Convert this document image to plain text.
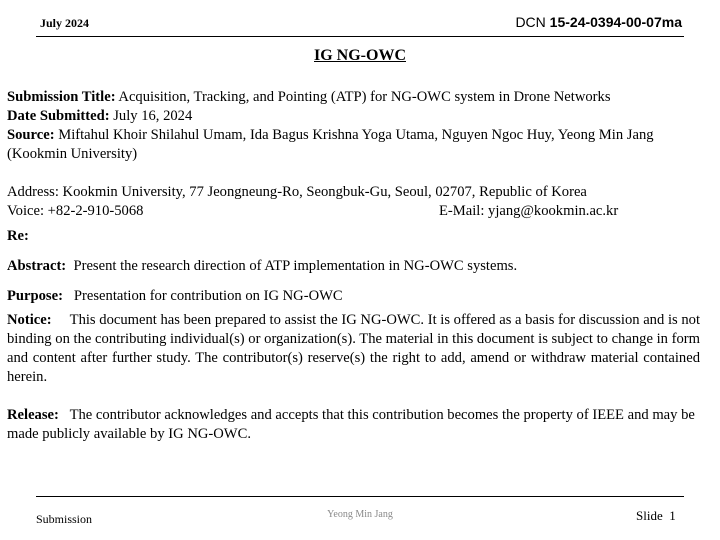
July 2024	DCN 15-24-0394-00-07ma
IG NG-OWC

Submission Title: Acquisition, Tracking, and Pointing (ATP) for NG-OWC system in Drone Networks

Date Submitted: July 16, 2024

Source: Miftahul Khoir Shilahul Umam, Ida Bagus Krishna Yoga Utama, Nguyen Ngoc Huy, Yeong Min Jang (Kookmin University)

Address: Kookmin University, 77 Jeongneung-Ro, Seongbuk-Gu, Seoul, 02707, Republic of Korea

Voice: +82-2-910-5068	E-Mail: yjang@kookmin.ac.kr

Re:

Abstract: Present the research direction of ATP implementation in NG-OWC systems.

Purpose: Presentation for contribution on IG NG-OWC

Notice: This document has been prepared to assist the IG NG-OWC. It is offered as a basis for discussion and is not binding on the contributing individual(s) or organization(s). The material in this document is subject to change in form and content after further study. The contributor(s) reserve(s) the right to add, amend or withdraw material contained herein.

Release: The contributor acknowledges and accepts that this contribution becomes the property of IEEE and may be made publicly available by IG NG-OWC.

Submission	Yeong Min Jang	Slide 1
